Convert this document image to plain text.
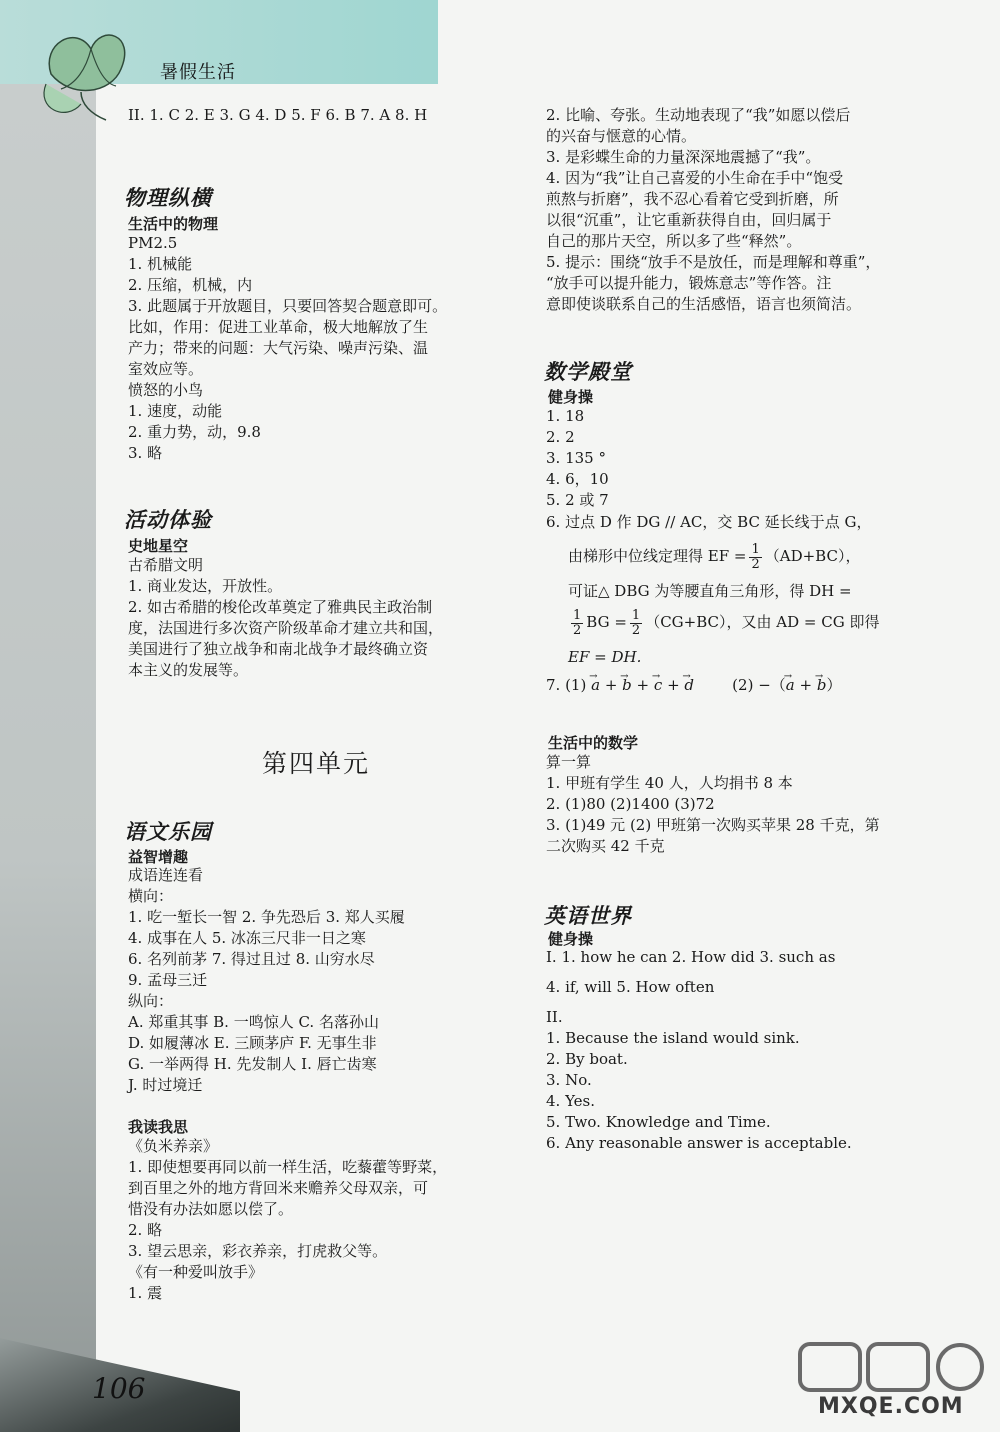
暑假生活
II. 1. C 2. E 3. G 4. D 5. F 6. B 7. A 8. H
物理纵横
生活中的物理
PM2.5
1. 机械能
2. 压缩，机械，内
3. 此题属于开放题目，只要回答契合题意即可。
比如，作用：促进工业革命，极大地解放了生
产力；带来的问题：大气污染、噪声污染、温
室效应等。
愤怒的小鸟
1. 速度，动能
2. 重力势，动，9.8
3. 略
活动体验
史地星空
古希腊文明
1. 商业发达，开放性。
2. 如古希腊的梭伦改革奠定了雅典民主政治制
度，法国进行多次资产阶级革命才建立共和国，
美国进行了独立战争和南北战争才最终确立资
本主义的发展等。
第四单元
语文乐园
益智增趣
成语连连看
横向：
1. 吃一堑长一智 2. 争先恐后 3. 郑人买履
4. 成事在人 5. 冰冻三尺非一日之寒
6. 名列前茅 7. 得过且过 8. 山穷水尽
9. 孟母三迁
纵向：
A. 郑重其事 B. 一鸣惊人 C. 名落孙山
D. 如履薄冰 E. 三顾茅庐 F. 无事生非
G. 一举两得 H. 先发制人 I. 唇亡齿寒
J. 时过境迁
我读我思
《负米养亲》
1. 即使想要再同以前一样生活，吃藜藿等野菜，
到百里之外的地方背回米来赡养父母双亲，可
惜没有办法如愿以偿了。
2. 略
3. 望云思亲，彩衣养亲，打虎救父等。
《有一种爱叫放手》
1. 震
2. 比喻、夸张。生动地表现了“我”如愿以偿后
的兴奋与惬意的心情。
3. 是彩蝶生命的力量深深地震撼了“我”。
4. 因为“我”让自己喜爱的小生命在手中“饱受
煎熬与折磨”，我不忍心看着它受到折磨，所
以很“沉重”，让它重新获得自由，回归属于
自己的那片天空，所以多了些“释然”。
5. 提示：围绕“放手不是放任，而是理解和尊重”，
“放手可以提升能力，锻炼意志”等作答。注
意即使谈联系自己的生活感悟，语言也须简洁。
数学殿堂
健身操
1. 18
2. 2
3. 135 °
4. 6，10
5. 2 或 7
6. 过点 D 作 DG // AC，交 BC 延长线于点 G，
由梯形中位线定理得 EF = $\frac{1}{2} (AD+BC)$，
可证△ DBG 为等腰直角三角形，得 DH =
$\frac{1}{2}$ BG = $\frac{1}{2} (CG+BC)$，又由 AD = CG 即得
EF = DH.
7. (1) → a + → b + → c + → d	(2) −（→ a + → b）
生活中的数学
算一算
1. 甲班有学生 40 人，人均捐书 8 本
2. (1)80 (2)1400 (3)72
3. (1)49 元 (2) 甲班第一次购买苹果 28 千克，第
二次购买 42 千克
英语世界
健身操
I. 1. how he can 2. How did 3. such as
4. if, will 5. How often
II.
1. Because the island would sink.
2. By boat.
3. No.
4. Yes.
5. Two. Knowledge and Time.
6. Any reasonable answer is acceptable.
106
MXQE.COM
